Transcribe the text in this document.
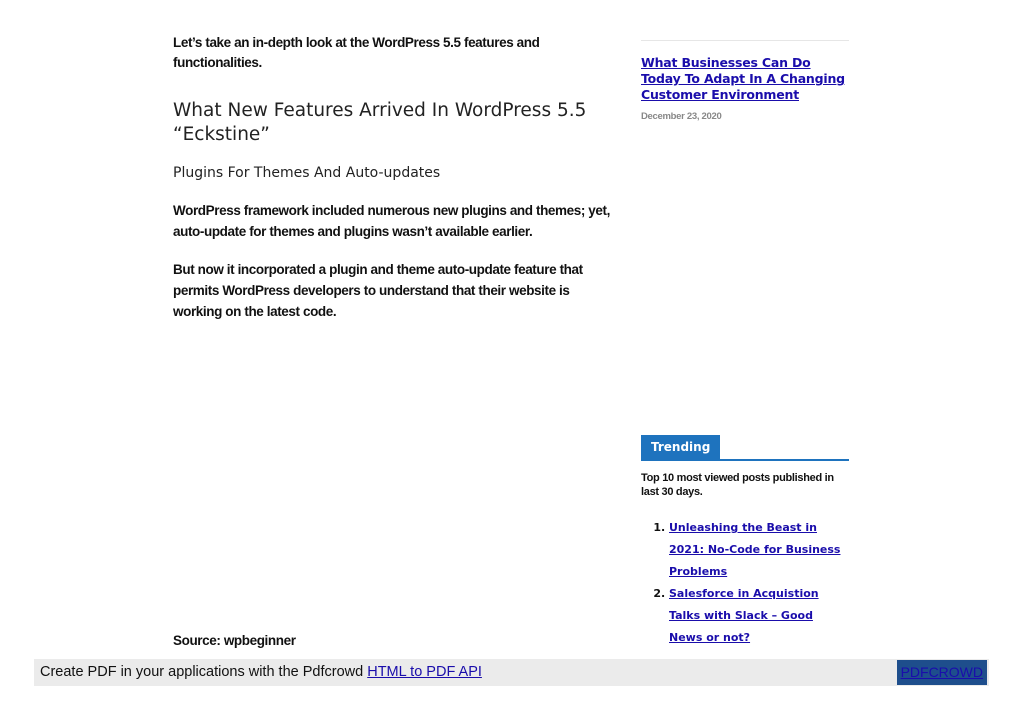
Let’s take an in-depth look at the WordPress 5.5 features and functionalities.

What New Features Arrived In WordPress 5.5 “Eckstine”
Plugins For Themes And Auto-updates

WordPress framework included numerous new plugins and themes; yet, auto-update for themes and plugins wasn’t available earlier.

But now it incorporated a plugin and theme auto-update feature that permits WordPress developers to understand that their website is working on the latest code.

Source: wpbeginner
What Businesses Can Do Today To Adapt In A Changing Customer Environment
December 23, 2020
Trending
Top 10 most viewed posts published in last 30 days.
1. Unleashing the Beast in 2021: No-Code for Business Problems
2. Salesforce in Acquistion Talks with Slack – Good News or not?
Create PDF in your applications with the Pdfcrowd HTML to PDF API	PDFCROWD
